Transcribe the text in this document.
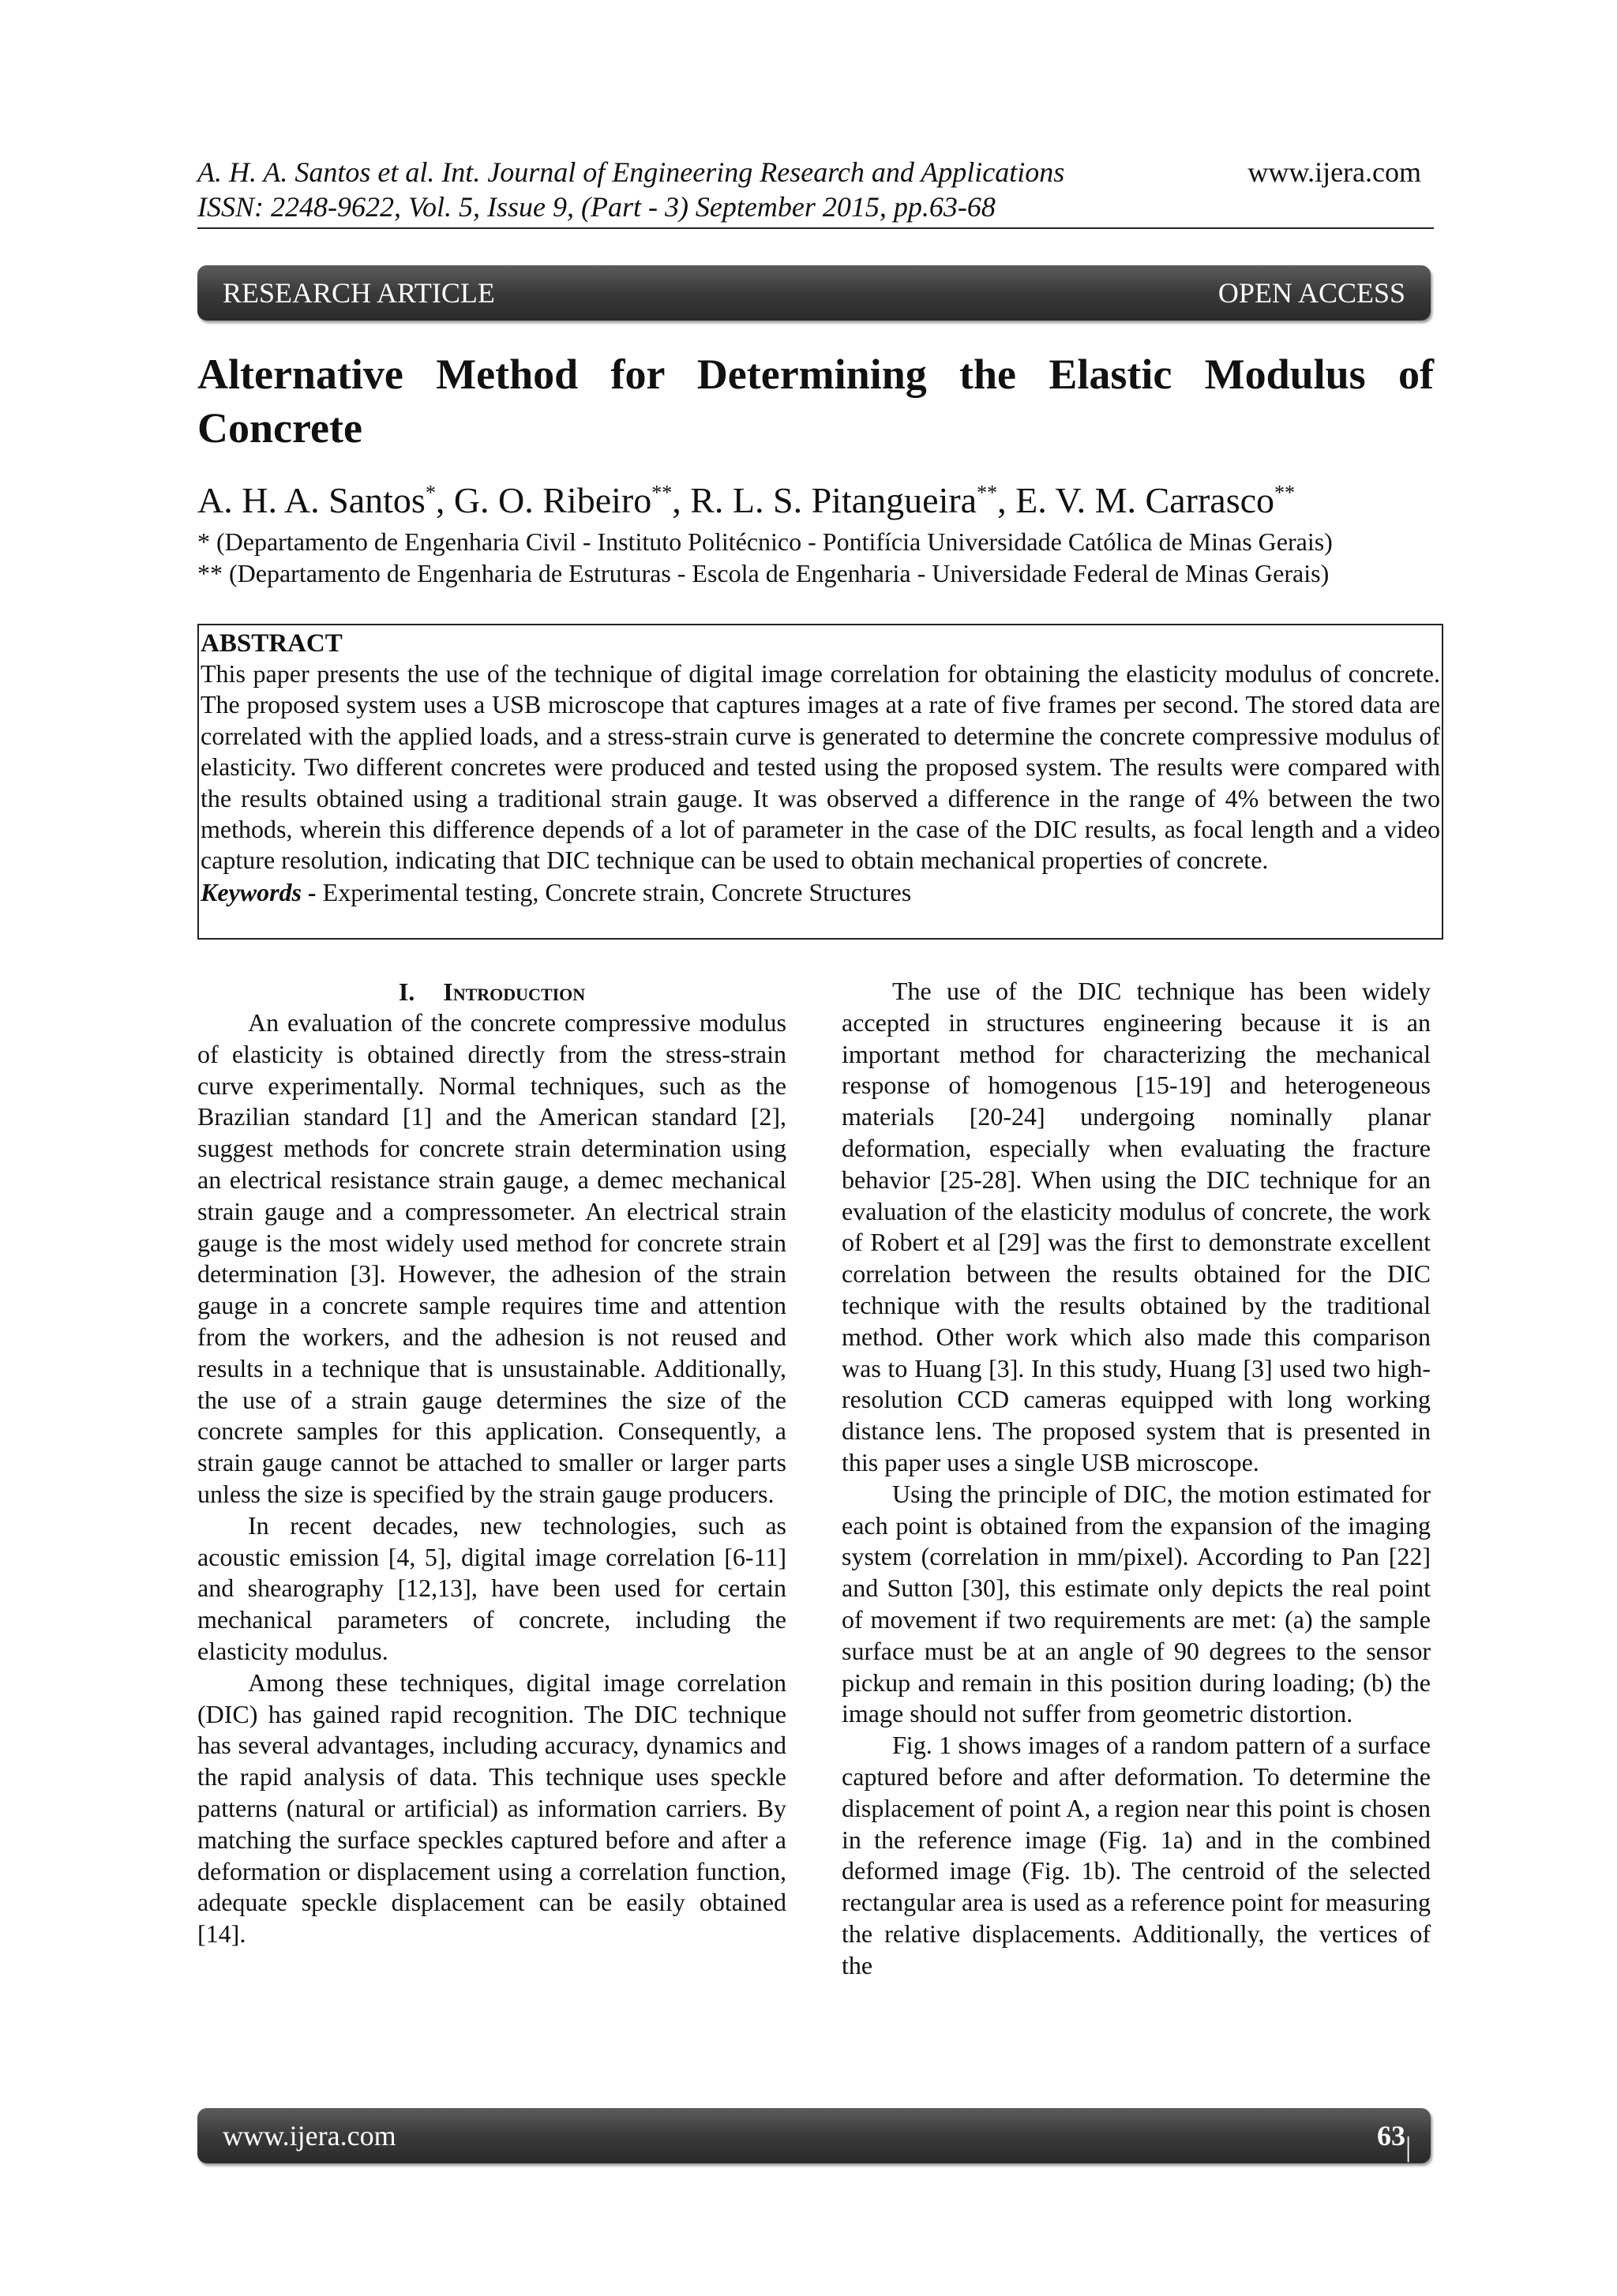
A. H. A. Santos et al. Int. Journal of Engineering Research and Applications
ISSN: 2248-9622, Vol. 5, Issue 9, (Part - 3) September 2015, pp.63-68
www.ijera.com
RESEARCH ARTICLE	OPEN ACCESS
Alternative Method for Determining the Elastic Modulus of Concrete
A. H. A. Santos*, G. O. Ribeiro**, R. L. S. Pitangueira**, E. V. M. Carrasco**
* (Departamento de Engenharia Civil - Instituto Politécnico - Pontifícia Universidade Católica de Minas Gerais)
** (Departamento de Engenharia de Estruturas - Escola de Engenharia - Universidade Federal de Minas Gerais)
ABSTRACT
This paper presents the use of the technique of digital image correlation for obtaining the elasticity modulus of concrete. The proposed system uses a USB microscope that captures images at a rate of five frames per second. The stored data are correlated with the applied loads, and a stress-strain curve is generated to determine the concrete compressive modulus of elasticity. Two different concretes were produced and tested using the proposed system. The results were compared with the results obtained using a traditional strain gauge. It was observed a difference in the range of 4% between the two methods, wherein this difference depends of a lot of parameter in the case of the DIC results, as focal length and a video capture resolution, indicating that DIC technique can be used to obtain mechanical properties of concrete.
Keywords - Experimental testing, Concrete strain, Concrete Structures

I. Introduction

An evaluation of the concrete compressive modulus of elasticity is obtained directly from the stress-strain curve experimentally. Normal techniques, such as the Brazilian standard [1] and the American standard [2], suggest methods for concrete strain determination using an electrical resistance strain gauge, a demec mechanical strain gauge and a compressometer. An electrical strain gauge is the most widely used method for concrete strain determination [3]. However, the adhesion of the strain gauge in a concrete sample requires time and attention from the workers, and the adhesion is not reused and results in a technique that is unsustainable. Additionally, the use of a strain gauge determines the size of the concrete samples for this application. Consequently, a strain gauge cannot be attached to smaller or larger parts unless the size is specified by the strain gauge producers.

In recent decades, new technologies, such as acoustic emission [4, 5], digital image correlation [6-11] and shearography [12,13], have been used for certain mechanical parameters of concrete, including the elasticity modulus.

Among these techniques, digital image correlation (DIC) has gained rapid recognition. The DIC technique has several advantages, including accuracy, dynamics and the rapid analysis of data. This technique uses speckle patterns (natural or artificial) as information carriers. By matching the surface speckles captured before and after a deformation or displacement using a correlation function, adequate speckle displacement can be easily obtained [14].

The use of the DIC technique has been widely accepted in structures engineering because it is an important method for characterizing the mechanical response of homogenous [15-19] and heterogeneous materials [20-24] undergoing nominally planar deformation, especially when evaluating the fracture behavior [25-28]. When using the DIC technique for an evaluation of the elasticity modulus of concrete, the work of Robert et al [29] was the first to demonstrate excellent correlation between the results obtained for the DIC technique with the results obtained by the traditional method. Other work which also made this comparison was to Huang [3]. In this study, Huang [3] used two high-resolution CCD cameras equipped with long working distance lens. The proposed system that is presented in this paper uses a single USB microscope.

Using the principle of DIC, the motion estimated for each point is obtained from the expansion of the imaging system (correlation in mm/pixel). According to Pan [22] and Sutton [30], this estimate only depicts the real point of movement if two requirements are met: (a) the sample surface must be at an angle of 90 degrees to the sensor pickup and remain in this position during loading; (b) the image should not suffer from geometric distortion.

Fig. 1 shows images of a random pattern of a surface captured before and after deformation. To determine the displacement of point A, a region near this point is chosen in the reference image (Fig. 1a) and in the combined deformed image (Fig. 1b). The centroid of the selected rectangular area is used as a reference point for measuring the relative displacements. Additionally, the vertices of the

www.ijera.com	63 | P a g e
